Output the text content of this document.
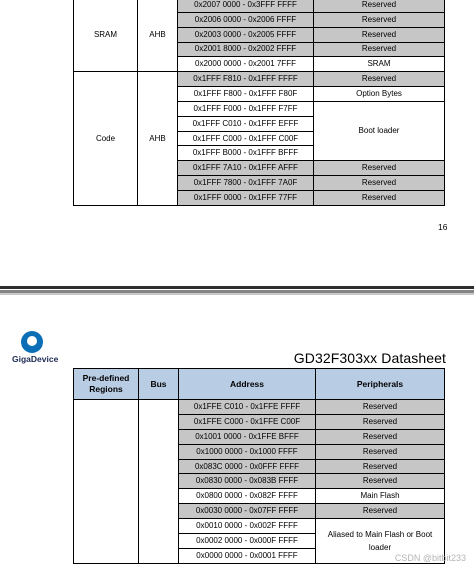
SRAM	AHB	0x2007 0000 - 0x3FFF FFFF	Reserved
		0x2006 0000 - 0x2006 FFFF	Reserved
		0x2003 0000 - 0x2005 FFFF	Reserved
		0x2001 8000 - 0x2002 FFFF	Reserved
		0x2000 0000 - 0x2001 7FFF	SRAM
Code	AHB	0x1FFF F810 - 0x1FFF FFFF	Reserved
		0x1FFF F800 - 0x1FFF F80F	Option Bytes
		0x1FFF F000 - 0x1FFF F7FF	Boot loader
		0x1FFF C010 - 0x1FFF EFFF	
		0x1FFF C000 - 0x1FFF C00F	
		0x1FFF B000 - 0x1FFF BFFF	
		0x1FFF 7A10 - 0x1FFF AFFF	Reserved
		0x1FFF 7800 - 0x1FFF 7A0F	Reserved
		0x1FFF 0000 - 0x1FFF 77FF	Reserved
16
GigaDevice	GD32F303xx Datasheet
Pre-defined Regions	Bus	Address	Peripherals
		0x1FFE C010 - 0x1FFE FFFF	Reserved
		0x1FFE C000 - 0x1FFE C00F	Reserved
		0x1001 0000 - 0x1FFE BFFF	Reserved
		0x1000 0000 - 0x1000 FFFF	Reserved
		0x083C 0000 - 0x0FFF FFFF	Reserved
		0x0830 0000 - 0x083B FFFF	Reserved
		0x0800 0000 - 0x082F FFFF	Main Flash
		0x0030 0000 - 0x07FF FFFF	Reserved
		0x0010 0000 - 0x002F FFFF	Aliased to Main Flash or Boot loader
		0x0002 0000 - 0x000F FFFF	
		0x0000 0000 - 0x0001 FFFF		CSDN @bitbit233
